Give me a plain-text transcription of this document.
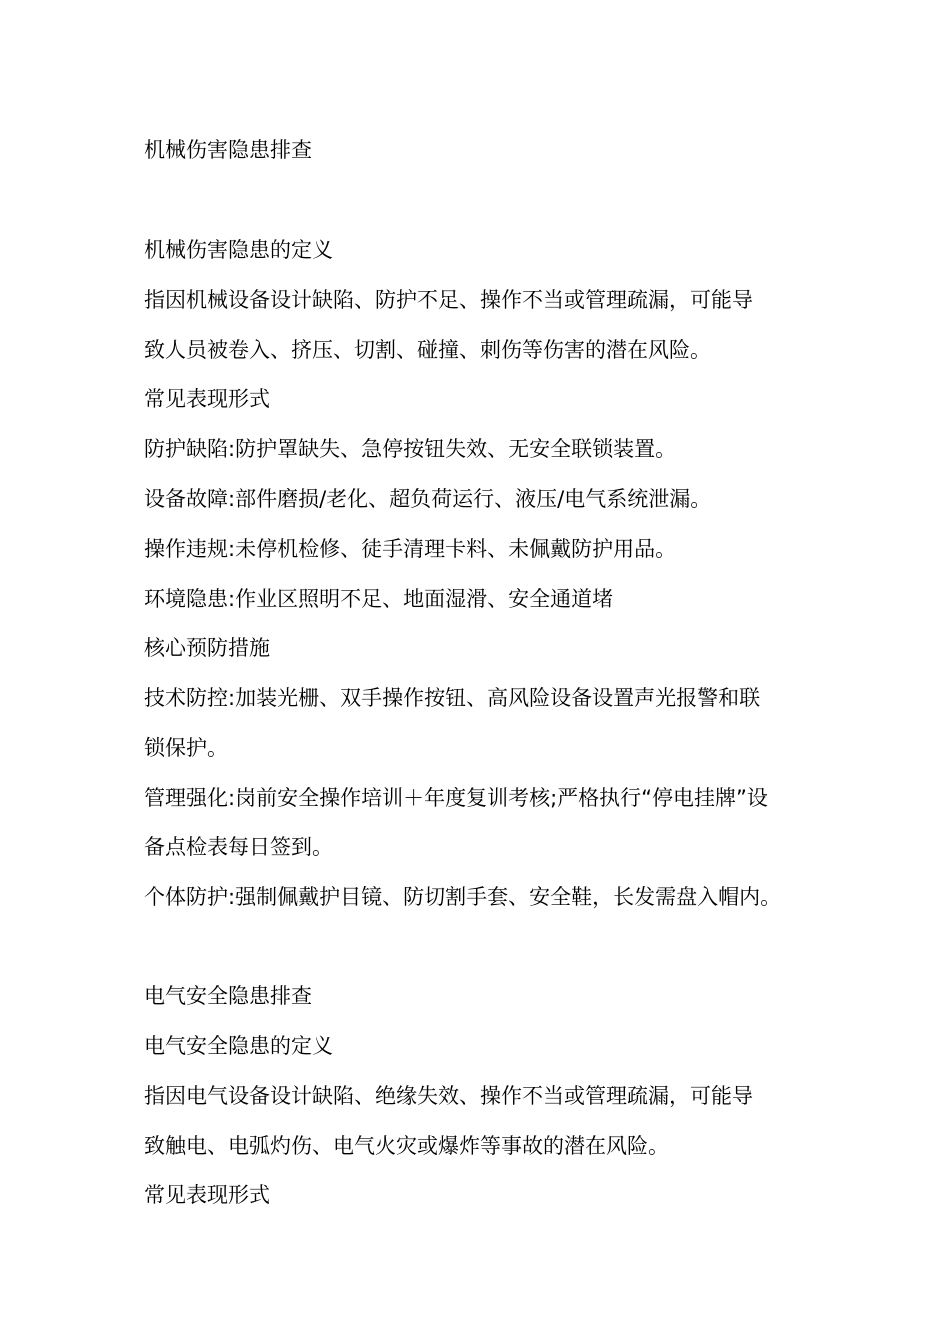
机械伤害隐患排查
机械伤害隐患的定义
指因机械设备设计缺陷、防护不足、操作不当或管理疏漏，可能导
致人员被卷入、挤压、切割、碰撞、刺伤等伤害的潜在风险。
常见表现形式
防护缺陷:防护罩缺失、急停按钮失效、无安全联锁装置。
设备故障:部件磨损/老化、超负荷运行、液压/电气系统泄漏。
操作违规:未停机检修、徒手清理卡料、未佩戴防护用品。
环境隐患:作业区照明不足、地面湿滑、安全通道堵
核心预防措施
技术防控:加装光栅、双手操作按钮、高风险设备设置声光报警和联
锁保护。
管理强化:岗前安全操作培训＋年度复训考核;严格执行“停电挂牌”设
备点检表每日签到。
个体防护:强制佩戴护目镜、防切割手套、安全鞋，长发需盘入帽内。
电气安全隐患排查
电气安全隐患的定义
指因电气设备设计缺陷、绝缘失效、操作不当或管理疏漏，可能导
致触电、电弧灼伤、电气火灾或爆炸等事故的潜在风险。
常见表现形式
